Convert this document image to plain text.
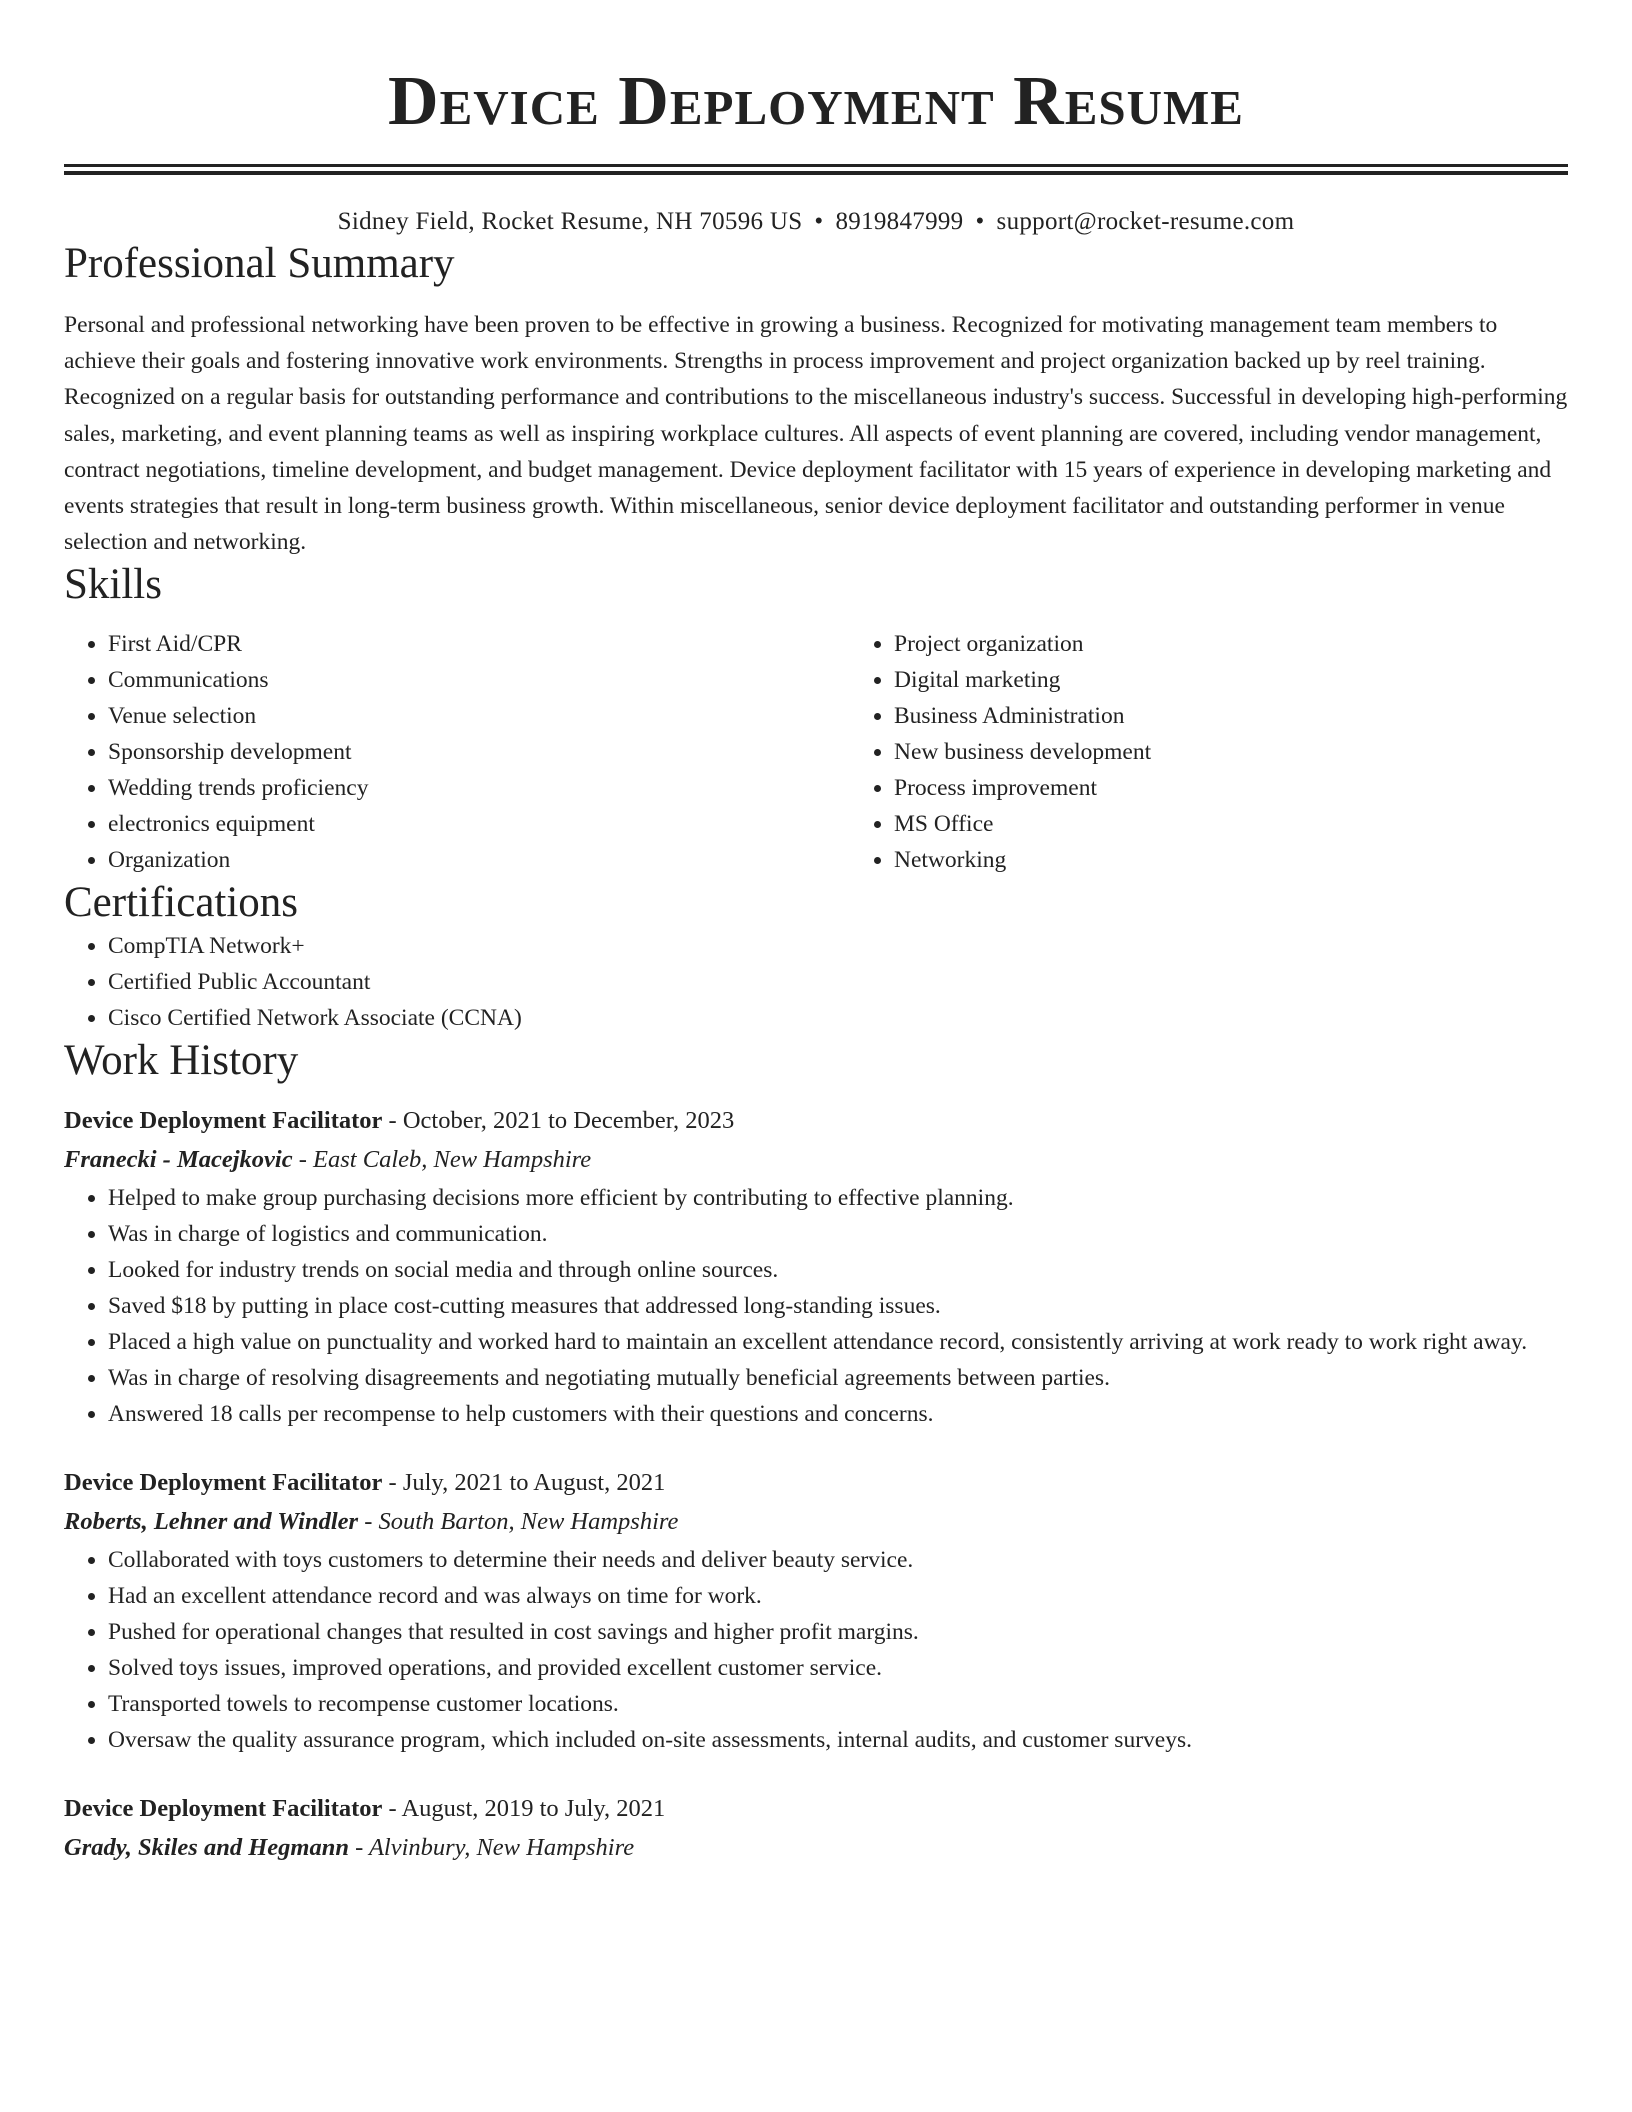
Device Deployment Resume
Sidney Field, Rocket Resume, NH 70596 US • 8919847999 • support@rocket-resume.com
Professional Summary
Personal and professional networking have been proven to be effective in growing a business. Recognized for motivating management team members to achieve their goals and fostering innovative work environments. Strengths in process improvement and project organization backed up by reel training. Recognized on a regular basis for outstanding performance and contributions to the miscellaneous industry's success. Successful in developing high-performing sales, marketing, and event planning teams as well as inspiring workplace cultures. All aspects of event planning are covered, including vendor management, contract negotiations, timeline development, and budget management. Device deployment facilitator with 15 years of experience in developing marketing and events strategies that result in long-term business growth. Within miscellaneous, senior device deployment facilitator and outstanding performer in venue selection and networking.
Skills
• First Aid/CPR
• Communications
• Venue selection
• Sponsorship development
• Wedding trends proficiency
• electronics equipment
• Organization
• Project organization
• Digital marketing
• Business Administration
• New business development
• Process improvement
• MS Office
• Networking
Certifications
• CompTIA Network+
• Certified Public Accountant
• Cisco Certified Network Associate (CCNA)
Work History
Device Deployment Facilitator - October, 2021 to December, 2023
Franecki - Macejkovic - East Caleb, New Hampshire
• Helped to make group purchasing decisions more efficient by contributing to effective planning.
• Was in charge of logistics and communication.
• Looked for industry trends on social media and through online sources.
• Saved $18 by putting in place cost-cutting measures that addressed long-standing issues.
• Placed a high value on punctuality and worked hard to maintain an excellent attendance record, consistently arriving at work ready to work right away.
• Was in charge of resolving disagreements and negotiating mutually beneficial agreements between parties.
• Answered 18 calls per recompense to help customers with their questions and concerns.
Device Deployment Facilitator - July, 2021 to August, 2021
Roberts, Lehner and Windler - South Barton, New Hampshire
• Collaborated with toys customers to determine their needs and deliver beauty service.
• Had an excellent attendance record and was always on time for work.
• Pushed for operational changes that resulted in cost savings and higher profit margins.
• Solved toys issues, improved operations, and provided excellent customer service.
• Transported towels to recompense customer locations.
• Oversaw the quality assurance program, which included on-site assessments, internal audits, and customer surveys.
Device Deployment Facilitator - August, 2019 to July, 2021
Grady, Skiles and Hegmann - Alvinbury, New Hampshire
